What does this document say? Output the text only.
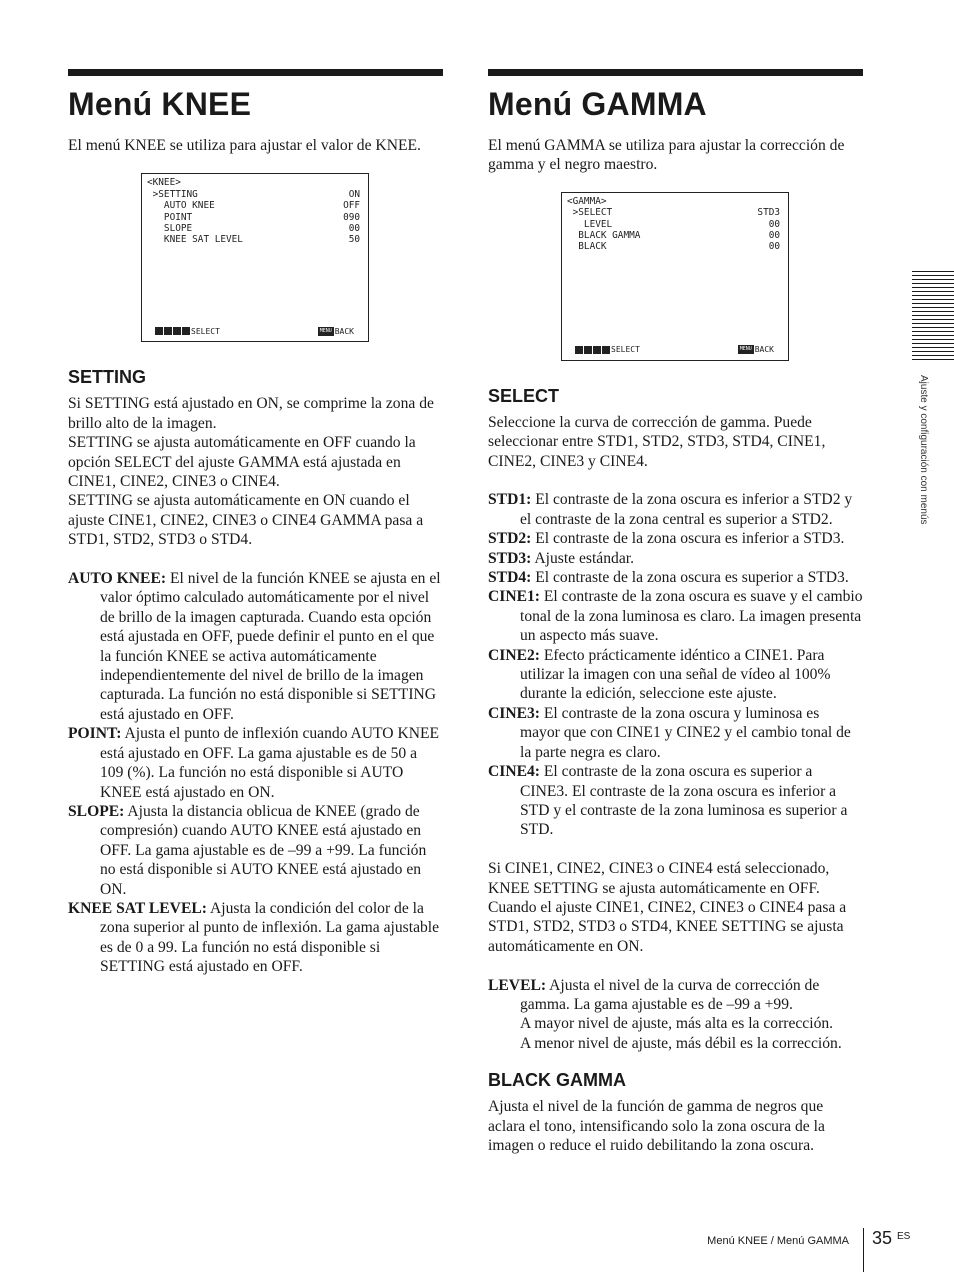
Menú KNEE

El menú KNEE se utiliza para ajustar el valor de KNEE.

<KNEE>
>SETTING	ON
AUTO KNEE	OFF
POINT	090
SLOPE	00
KNEE SAT LEVEL	50
SELECT	MENU BACK
SETTING

Si SETTING está ajustado en ON, se comprime la zona de brillo alto de la imagen.

SETTING se ajusta automáticamente en OFF cuando la opción SELECT del ajuste GAMMA está ajustada en CINE1, CINE2, CINE3 o CINE4.

SETTING se ajusta automáticamente en ON cuando el ajuste CINE1, CINE2, CINE3 o CINE4 GAMMA pasa a STD1, STD2, STD3 o STD4.

AUTO KNEE: El nivel de la función KNEE se ajusta en el valor óptimo calculado automáticamente por el nivel de brillo de la imagen capturada. Cuando esta opción está ajustada en OFF, puede definir el punto en el que la función KNEE se activa automáticamente independientemente del nivel de brillo de la imagen capturada. La función no está disponible si SETTING está ajustado en OFF.
POINT: Ajusta el punto de inflexión cuando AUTO KNEE está ajustado en OFF. La gama ajustable es de 50 a 109 (%). La función no está disponible si AUTO KNEE está ajustado en ON.
SLOPE: Ajusta la distancia oblicua de KNEE (grado de compresión) cuando AUTO KNEE está ajustado en OFF. La gama ajustable es de –99 a +99. La función no está disponible si AUTO KNEE está ajustado en ON.
KNEE SAT LEVEL: Ajusta la condición del color de la zona superior al punto de inflexión. La gama ajustable es de 0 a 99. La función no está disponible si SETTING está ajustado en OFF.
Menú GAMMA

El menú GAMMA se utiliza para ajustar la corrección de gamma y el negro maestro.

<GAMMA>
>SELECT	STD3
LEVEL	00
BLACK GAMMA	00
BLACK	00
SELECT	MENU BACK
SELECT

Seleccione la curva de corrección de gamma. Puede seleccionar entre STD1, STD2, STD3, STD4, CINE1, CINE2, CINE3 y CINE4.

STD1: El contraste de la zona oscura es inferior a STD2 y el contraste de la zona central es superior a STD2.
STD2: El contraste de la zona oscura es inferior a STD3.
STD3: Ajuste estándar.
STD4: El contraste de la zona oscura es superior a STD3.
CINE1: El contraste de la zona oscura es suave y el cambio tonal de la zona luminosa es claro. La imagen presenta un aspecto más suave.
CINE2: Efecto prácticamente idéntico a CINE1. Para utilizar la imagen con una señal de vídeo al 100% durante la edición, seleccione este ajuste.
CINE3: El contraste de la zona oscura y luminosa es mayor que con CINE1 y CINE2 y el cambio tonal de la parte negra es claro.
CINE4: El contraste de la zona oscura es superior a CINE3. El contraste de la zona oscura es inferior a STD y el contraste de la zona luminosa es superior a STD.

Si CINE1, CINE2, CINE3 o CINE4 está seleccionado, KNEE SETTING se ajusta automáticamente en OFF. Cuando el ajuste CINE1, CINE2, CINE3 o CINE4 pasa a STD1, STD2, STD3 o STD4, KNEE SETTING se ajusta automáticamente en ON.

LEVEL: Ajusta el nivel de la curva de corrección de gamma. La gama ajustable es de –99 a +99.

A mayor nivel de ajuste, más alta es la corrección.

A menor nivel de ajuste, más débil es la corrección.

BLACK GAMMA

Ajusta el nivel de la función de gamma de negros que aclara el tono, intensificando solo la zona oscura de la imagen o reduce el ruido debilitando la zona oscura.

Ajuste y configuración con menús
Menú KNEE / Menú GAMMA 35 ES
